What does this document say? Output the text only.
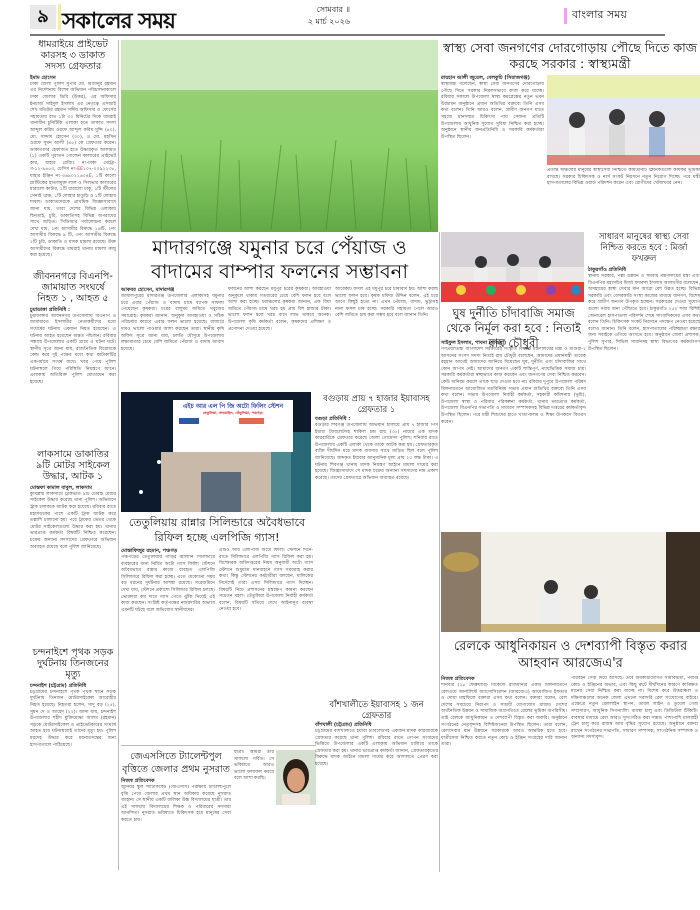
৯ সকালের সময়	সোমবার ॥
২ মার্চ ২০২৬
বাংলার সময়
ধামরাইয়ে প্রাইভেট কারসহ ৩ ডাকাত সদস্য গ্রেফতার
ইমাম হোসেন
ঢাকা জেলা পুলিশ সুপার মো. মিজানুর রহমান এর নির্দেশনায় বিশেষ অভিযান পরিচালনাকালে ঢাকা জেলার ডিবি (উত্তর), এর অফিসার ইনচার্জ সাইদুল ইসলাম এর নেতৃত্বে এসআই শেখ মতিউর রহমান সঙ্গীয় অফিসার ও ফোর্সের সহায়তায় রাত ১টা ৩০ মিনিটের দিকে ধামরাই থানাধীন চুনিটিকি এলাকা হতে ডাকাত সদস্য আব্দুল করিম ওরফে আব্দুল করিম মুন্সি (৪০), মো. সাদ্দাম হোসেন (৩০), ও মো. মহসিন ওরফে সুমন আলী (৪৫) কে গ্রেফতার করেন। ডাকাতদের হেফাজত হতে উদ্ধারকৃত আলামত (১) একটি পুরাতন গোল্ডেন কালারের প্রাইভেট কার, যাহার রেজিঃ নং-ঢাকা মেট্রো-গ-১২-৯৪৫৩, চেসিস নং-EE১০৭-০০৯২২৩৮, যাহার ইঞ্জিন নং-৩৬৯০২১৬০৪E, ১টি কালো প্লাস্টিকের হাতলযুক্ত লাল ও সিলভার কালারের ধারালো কাটার, ১টি ধারালো চাকু, ১টি স্টীলের সেনাই রেঞ্চ, ১টি লোহার হাতুড়ি ও ১টি লোহার শাবল। ডাকাতদেরকে প্রাথমিক জিজ্ঞাসাবাদে জানা যায়, তারা দেশের বিভিন্ন এলাকায় ছিনতাই, চুরি, ডাকাতিসহ বিভিন্ন অপরাধের সাথে জড়িত। সিডিআর পর্যালোচনা করলে দেখা যায়, ১নং আসামীর বিরুদ্ধে ১৬টি, ২নং আসামীর বিরুদ্ধে ৯ টি, ৩নং আসামীর বিরুদ্ধে ২টি চুরি, ডাকাতি ও মাদক মামলা রয়েছে। উক্ত আসামীদের বিরুদ্ধে ধামরাই থানায় মামলা রুজু করা হয়েছে।
জীবননগরে বিএনপি-জামায়াত সংঘর্ষে নিহত ১ , আহত ৫
চুয়াডাঙ্গা প্রতিনিধি :
চুয়াডাঙ্গার জীবননগর উপজেলায় বিএনপি ও জামায়াতে ইসলামীর নেতাকর্মীদের মধ্যে সংঘর্ষের ঘটনায় একজন নিহত হয়েছেন। এ ঘটনায় আহত হয়েছেন অন্তত পাঁচজন। রবিবার সন্ধ্যায় উপজেলার একটি গ্রামে এ ঘটনা ঘটে। স্থানীয় সূত্রে জানা যায়, রাজনৈতিক বিরোধকে কেন্দ্র করে দুই পক্ষের মধ্যে কথা কাটাকাটির একপর্যায়ে সংঘর্ষ বাধে। খবর পেয়ে পুলিশ ঘটনাস্থলে গিয়ে পরিস্থিতি নিয়ন্ত্রণে আনে। এলাকায় অতিরিক্ত পুলিশ মোতায়েন করা হয়েছে।
লাকসামে ডাকাতির ৯টি মোটর সাইকেল উদ্ধার, আটক ১
মোস্তফা কামাল বাবুল, লাকসাম
কুমিল্লার লাকসামে ট্রাকভর্তি ৯টি চোরাই মোটর সাইকেল উদ্ধার করেছে থানা পুলিশ। অভিযানে ট্রাক চালককে আটক করা হয়েছে। রবিবার রাতে মহাসড়কের পাশে একটি ট্রাক আটক করে তল্লাশি চালানো হয়। পরে ট্রাকের ভেতর থেকে মোটর সাইকেলগুলো উদ্ধার করা হয়। থানার ভারপ্রাপ্ত কর্মকর্তা বিষয়টি নিশ্চিত করেছেন। চক্রের অন্যান্য সদস্যদের গ্রেফতারে অভিযান অব্যাহত রয়েছে বলে পুলিশ জানিয়েছে।
চন্দনাইশে পৃথক সড়ক দুর্ঘটনায় তিনজনের মৃত্যু
চন্দনাইশ (চট্টগ্রাম) প্রতিনিধি
চট্টগ্রামের চন্দনাইশে পৃথক পৃথক স্থানে সড়ক দুর্ঘটনায় তিনজন মোটরসাইকেল আরোহীর নিহত হয়েছে। নিহতরা হলেন, সাদু বড় (২৫), সুমন দে ও জাহেদ (২২)। জানা যায়, চন্দনাইশ উপজেলার শহীদ মুক্তিযোদ্ধা আলম (রহমান) সড়কে মোটরসাইকেল ও প্রাইভেটকারের সংঘর্ষে আহত হয়ে ঘটনাস্থলেই তাদের মৃত্যু হয়। পুলিশ মরদেহ উদ্ধার করে ময়নাতদন্তের জন্য হাসপাতালে পাঠিয়েছে।
মাদারগঞ্জে যমুনার চরে পেঁয়াজ ও বাদামের বাম্পার ফলনের সম্ভাবনা
আকবর হোসেন, মাদারগঞ্জ
জামালপুরের মাদারগঞ্জ উপজেলার এলাকাসহ যমুনার চরে এবার পেঁয়াজ ও বাদাম চাষে ব্যাপক সাফল্য পেয়েছেন কৃষকরা। চরের বালুময় জমিতে সবুজের সমারোহ। কৃষকরা জানান, অনুকূল আবহাওয়া ও সঠিক পরিচর্যার কারণে এবার ফলন ভালো হয়েছে। বাজারে দামও ভালো পাওয়ার আশা করছেন তারা। স্থানীয় কৃষি অফিস সূত্রে জানা যায়, চলতি মৌসুমে উপজেলায় লক্ষ্যমাত্রার চেয়ে বেশি জমিতে পেঁয়াজ ও বাদাম আবাদ হয়েছে।
ফলনের আশা করছেন মধুপুর চরের কৃষকরা। আবহাওয়া অনুকূলে থাকায় গতবারের চেয়ে বেশি ফলন হবে বলে আশা করা হচ্ছে। চরাঞ্চলের কৃষকরা জানান, এক বিঘা জমিতে পেঁয়াজ চাষে খরচ হয় প্রায় বিশ হাজার টাকা। ভালো ফলন হলে খরচ বাদে লাভ থাকবে অনেক। উপজেলা কৃষি কর্মকর্তা বলেন, কৃষকদের প্রশিক্ষণ ও প্রণোদনা দেওয়া হয়েছে।
আরেকটি ফসল এই মধুপুর চরে চাষাবাদ হয়। আশা করছি ভালো ফলন হবে। কৃষক মফিজ উদ্দিন বলেন, এই চরে আগে কিছুই হতো না। এখন পেঁয়াজ, বাদাম, ভুট্টাসহ নানা ফসল চাষ হচ্ছে। সরকারি সহায়তা পেলে আরও বেশি জমিতে চাষ করা সম্ভব হবে বলে জানান তিনি।
স্বাস্থ্য সেবা জনগণের দোরগোড়ায় পৌছে দিতে কাজ করছে সরকার : স্বাস্থ্যমন্ত্রী
রায়হান আলী জুয়েল, বেলকুচি (সিরাজগঞ্জ)
স্বাস্থ্যমন্ত্রী বলেছেন, স্বাস্থ্য সেবা জনগণের দোরগোড়ায় পৌছে দিতে সরকার নিরলসভাবে কাজ করে যাচ্ছে। রবিবার সকালে উপজেলা স্বাস্থ্য কমপ্লেক্সের নতুন ভবন উদ্বোধন অনুষ্ঠানে প্রধান অতিথির বক্তব্যে তিনি এসব কথা বলেন। তিনি আরও বলেন, গ্রামীণ জনগণ যাতে সহজে মানসম্মত চিকিৎসা পায় সেজন্য প্রতিটি উপজেলায় আধুনিক সুযোগ সুবিধা নিশ্চিত করা হচ্ছে। অনুষ্ঠানে স্থানীয় জনপ্রতিনিধি ও সরকারি কর্মকর্তারা উপস্থিত ছিলেন।
প্রত্যন্ত অঞ্চলের মানুষের স্বাস্থ্যসেবা নিশ্চিতে কমিউনিটি ক্লিনিকগুলো কার্যকর ভূমিকা রাখছে। সরকার চিকিৎসক ও নার্স সংকট নিরসনে নতুন নিয়োগ দিচ্ছে। পরে মন্ত্রী হাসপাতালের বিভিন্ন ওয়ার্ড পরিদর্শন করেন এবং রোগীদের খোঁজখবর নেন।
ঘুষ দুর্নীতি চাঁদাবাজি সমাজ থেকে নির্মূল করা হবে : নিতাই রায় চৌধুরী
সাইফুল ইসলাম, পাবনা (মাগুরা)
গণপ্রজাতন্ত্রী বাংলাদেশ সরকারের সংস্কৃতি বিষয়ক মন্ত্রণালয়ের মন্ত্রী ও মাগুরা-২ আসনের সংসদ সদস্য নিতাই রায় চৌধুরী বলেছেন, আমাদের প্রধানমন্ত্রী তারেক রহমান আগেই আমাদের জানিয়ে দিয়েছেন ঘুষ, দুর্নীতি এবং চাঁদাবাজির সাথে কোন আপস নেই। আমাদের জনগণ একটি শান্তিপূর্ণ, ন্যায়ভিত্তিক সমাজ চায়। সরকারি কর্মকর্তারা স্বচ্ছভাবে কাজ করবেন এবং জনগণের সেবা নিশ্চিত করবেন। কেউ অনিয়ম করলে তাকে ছাড় দেওয়া হবে না। রবিবার দুপুরে উপজেলা পরিষদ মিলনায়তনে আয়োজিত মতবিনিময় সভায় প্রধান অতিথির বক্তব্যে তিনি এসব কথা বলেন। সভায় উপজেলা নির্বাহী কর্মকর্তা, সহকারী কমিশনার (ভূমি), উপজেলা স্বাস্থ্য ও পরিবার পরিকল্পনা কর্মকর্তা, থানার ভারপ্রাপ্ত কর্মকর্তা, উপজেলা বিএনপির সভাপতি ও সাধারণ সম্পাদকসহ বিভিন্ন দপ্তরের কর্মকর্তাবৃন্দ উপস্থিত ছিলেন। পরে মন্ত্রী শিশুদের হাতে খাতা-কলম ও শিক্ষা উপকরণ বিতরণ করেন।
সাধারণ মানুষের স্বাস্থ্য সেবা নিশ্চিত করতে হবে : মির্জা ফখরুল
ঠাকুরগাঁও প্রতিনিধি
স্থানীয় সরকার, পল্লী উন্নয়ন ও সমবায় মন্ত্রণালয়ের মন্ত্রী এবং বিএনপির মহাসচিব মির্জা ফখরুল ইসলাম আলমগীর বলেছেন, অসহায়ের স্বাস্থ্য সেবার মান আরো বেশ উন্নত হচ্ছে। বিভিন্ন সরকারি এবং বেসরকারি সংস্থা কাজের মাধ্যমে জনগণ, বিশেষ করে গ্রামীণ জনগণ উপকৃত হচ্ছেন। সরকারের দেওয়া সুযোগ গুলো সবার জন্য পৌঁছাতে হবে। ঠাকুরগাঁও ২৫০ শয্যা বিশিষ্ট জেনারেল হাসপাতাল পরিদর্শন শেষে সাংবাদিকদের এসব কথা বলেন তিনি। চিকিৎসক সংকট নিরসনে পদক্ষেপ নেওয়া হয়েছে বলেও জানান। তিনি বলেন, হাসপাতালের পরিচ্ছন্নতা রক্ষার জন্য সবাইকে এগিয়ে আসতে হবে। অনুষ্ঠানে জেলা প্রশাসক, পুলিশ সুপার, সিভিল সার্জনসহ স্বাস্থ্য বিভাগের কর্মকর্তাগণ উপস্থিত ছিলেন।
এইচ আর এল পি জি অটো ফিলিং স্টেশন
তেতুলিয়া, সাতমাইল, তেঁতুলিয়া, পঞ্চগড়।
বগুড়ায় প্রায় ৭ হাজার ইয়াবাসহ গ্রেফতার ১
বগুড়া প্রতিনিধি :
বগুড়ার শিবগঞ্জ উপজেলায় অভিযান চালিয়ে প্রায় ৭ হাজার পিস ইয়াবা ট্যাবলেটসহ শাকিল চন্দ্র রায় (৩২) নামের এক মাদক কারবারিকে গ্রেফতার করেছে জেলা গোয়েন্দা পুলিশ। শনিবার রাতে উপজেলার একটি এলাকা থেকে তাকে আটক করা হয়। গ্রেফতারকৃত ব্যক্তি দীর্ঘদিন ধরে মাদক ব্যবসার সাথে জড়িত ছিল বলে পুলিশ জানিয়েছে। জব্দকৃত ইয়াবার আনুমানিক মূল্য প্রায় ২০ লক্ষ টাকা। এ ঘটনায় শিবগঞ্জ থানায় মাদক নিয়ন্ত্রণ আইনে মামলা দায়ের করা হয়েছে। জিজ্ঞাসাবাদে সে মাদক চক্রের অন্যান্য সদস্যদের নাম প্রকাশ করেছে। তাদের গ্রেফতারে অভিযান অব্যাহত রয়েছে।
তেতুলিয়ায় রান্নার সিলিন্ডারে অবৈধভাবে রিফিল হচ্ছে এলপিজি গ্যাস!
মোস্তাফিজুর রহমান, পঞ্চগড়
পঞ্চগড়ের তেতুলিয়ায় গাড়ির জ্বালানি সিলিন্ডারে ব্যবহারের জন্য নির্মিত অটো গ্যাস ফিলিং স্টেশনে অবৈধভাবে রান্নার কাজে ব্যবহৃত এলপিজি সিলিন্ডারে রিফিল করা হচ্ছে। এতে যেকোনো সময় বড় ধরনের দুর্ঘটনার আশঙ্কা রয়েছে। সরেজমিনে দেখা যায়, স্টেশনে প্রকাশ্যে সিলিন্ডার রিফিল চলছে। ভোক্তারা কম দামে গ্যাস পেতে ঝুঁকি নিয়েই এই কাজ করছেন। সংশ্লিষ্ট কর্তৃপক্ষের নজরদারির অভাবে এমনটি ঘটছে বলে অভিযোগ স্থানীয়দের।
এটিও আর এলপিজি অটো ফিলিং স্টেশনে দিনে-রাতে সিলিন্ডারে এলপিজি গ্যাস রিফিল করা হয়। বিস্ফোরক অধিদপ্তরের নিয়ম অনুযায়ী অটো গ্যাস স্টেশনে শুধুমাত্র যানবাহনে গ্যাস সরবরাহ করার কথা। কিন্তু স্টেশনের কর্মচারীরা বলছেন, মালিকের নির্দেশেই তারা এসব সিলিন্ডারে গ্যাস দিচ্ছেন। বিষয়টি নিয়ে প্রশাসনের হস্তক্ষেপ কামনা করছেন সচেতন মহল। তেঁতুলিয়া উপজেলা নির্বাহী কর্মকর্তা বলেন, বিষয়টি খতিয়ে দেখে আইনানুগ ব্যবস্থা নেওয়া হবে।
জেএসসিতে ট্যালেন্টপুল বৃত্তিতে জেলার প্রথম নুসরাত
নিজস্ব প্রতিবেদক
জুনিয়র স্কুল সার্টিফিকেট (জেএসসি) পরীক্ষায় ট্যালেন্টপুলে বৃত্তি পেয়ে জেলার প্রথম স্থান অধিকার করেছে নুসরাত জাহান। সে স্থানীয় একটি বালিকা উচ্চ বিদ্যালয়ের ছাত্রী। তার এই সাফল্যে বিদ্যালয়ের শিক্ষক ও পরিবারের সদস্যরা আনন্দিত। নুসরাত ভবিষ্যতে চিকিৎসক হয়ে মানুষের সেবা করতে চায়।
ছাত্রী। আমরা তার সাফল্যে গর্বিত। সে ভবিষ্যতে আরও ভালো ফলাফল করবে বলে আশা করছি।
বাঁশখালীতে ইয়াবাসহ ১ জন গ্রেফতার
বাঁশখালী (চট্টগ্রাম) প্রতিনিধি
চট্টগ্রামের বাঁশখালীতে ইয়াবা ট্যাবলেটসহ একজন মাদক কারবারিকে গ্রেফতার করেছে থানা পুলিশ। রবিবার রাতে গোপন সংবাদের ভিত্তিতে উপজেলার একটি এলাকায় অভিযান চালিয়ে তাকে গ্রেফতার করা হয়। থানার ভারপ্রাপ্ত কর্মকর্তা জানান, গ্রেফতারকৃতের বিরুদ্ধে মাদক আইনে মামলা দায়ের করে আদালতে প্রেরণ করা হয়েছে।
রেলকে আধুনিকায়ন ও দেশব্যাপী বিস্তৃত করার আহবান আরজেএ'র
নিজস্ব প্রতিবেদক
শনিবার (২৮ ফেব্রুয়ারি) বিকেলে রাজধানীর একটি মিলনায়তনে রেলওয়ে জার্নালিস্ট অ্যাসোসিয়েশন (আরজেএ) আয়োজিত ইফতার ও দোয়া মাহফিলে বক্তারা এসব কথা বলেন। বক্তারা বলেন, রেল দেশের সবচেয়ে নিরাপদ ও সাশ্রয়ী যোগাযোগ মাধ্যম। দেশের অর্থনৈতিক উন্নয়ন ও সামাজিক অগ্রগতিতে রেলের ভূমিকা অপরিসীম। তাই রেলকে আধুনিকায়ন ও দেশব্যাপী বিস্তৃত করা জরুরি। অনুষ্ঠানে সংগঠনের নেতৃবৃন্দসহ বিশিষ্টজনেরা উপস্থিত ছিলেন। তারা বলেন, রেলসেবার মান উন্নয়নে সরকারকে আরও আন্তরিক হতে হবে। যাত্রীসেবা নিশ্চিত করতে নতুন কোচ ও ইঞ্জিন সংগ্রহের দাবি জানান তারা।
পরিবহন সেবা দিয়ে আসছে। তবে অবকাঠামোগত সীমাবদ্ধতা, পর্যাপ্ত কোচ ও ইঞ্জিনের অভাব, এবং কিছু রুটে দীর্ঘদিনের কারণে কাঙ্ক্ষিত মানের সেবা নিশ্চিত করা যাচ্ছে না। বিশেষ করে উত্তরাঞ্চল ও দক্ষিণাঞ্চলের অনেক জেলা এখনো সরাসরি রেল সংযোগের বাইরে। এক্ষেত্রে নতুন রেললাইন স্থাপন, ডাবল লাইন ও ডুয়েল গেজ সম্প্রসারণ, আধুনিক সিগন্যালিং ব্যবস্থা চালু এবং ডিজিটাল টিকিটিং ব্যবস্থার মাধ্যমে রেল আরও সুসংগঠিত করা সম্ভব। পাশাপাশি মালবাহী ট্রেন চালু করে রাজস্ব আয় বৃদ্ধির সুযোগ রয়েছে। অনুষ্ঠানে বক্তব্য রাখেন সংগঠনের সভাপতি, সাধারণ সম্পাদক, সাংগঠনিক সম্পাদক ও অন্যান্য সদস্যবৃন্দ।
